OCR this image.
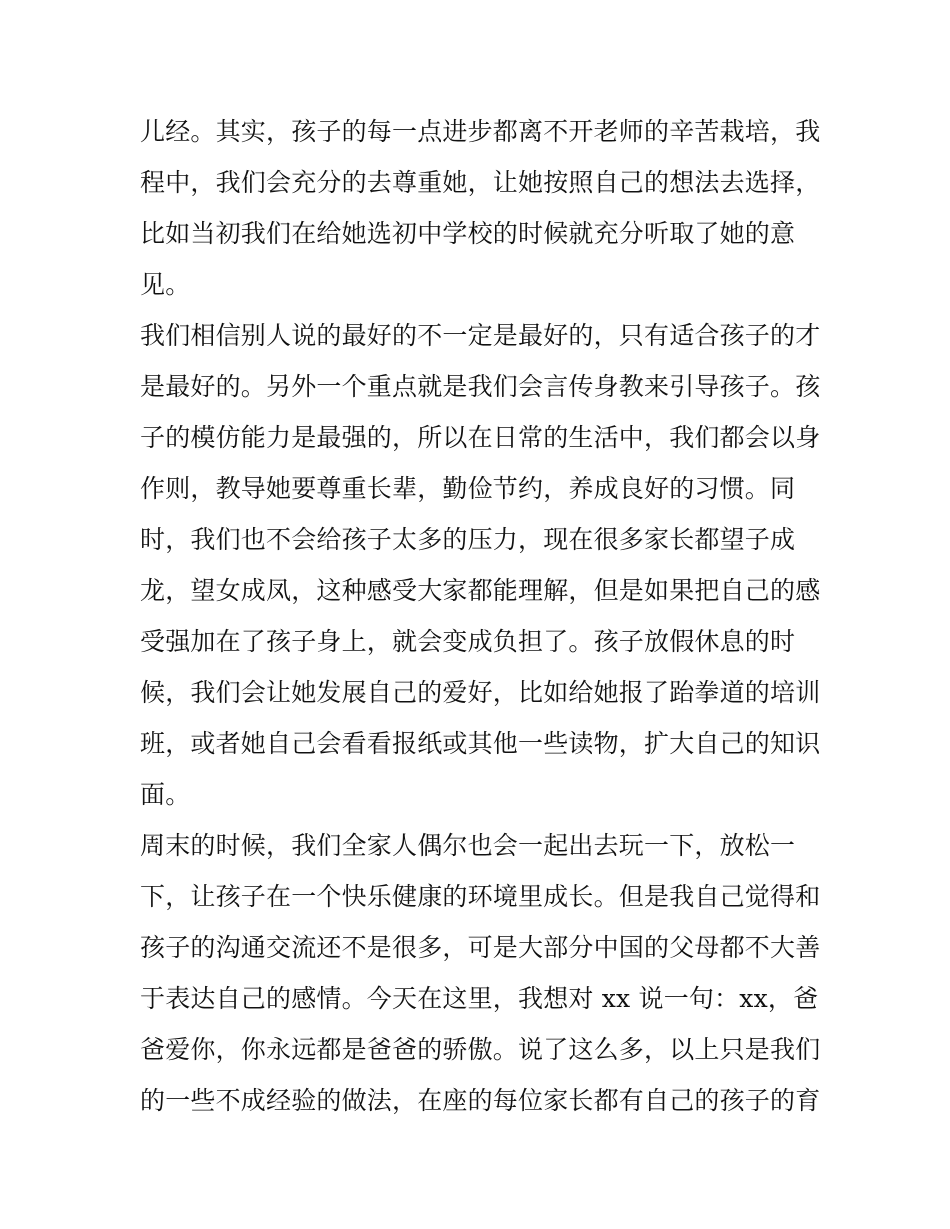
儿经。其实，孩子的每一点进步都离不开老师的辛苦栽培，我
程中，我们会充分的去尊重她，让她按照自己的想法去选择，
比如当初我们在给她选初中学校的时候就充分听取了她的意
见。
我们相信别人说的最好的不一定是最好的，只有适合孩子的才
是最好的。另外一个重点就是我们会言传身教来引导孩子。孩
子的模仿能力是最强的，所以在日常的生活中，我们都会以身
作则，教导她要尊重长辈，勤俭节约，养成良好的习惯。同
时，我们也不会给孩子太多的压力，现在很多家长都望子成
龙，望女成凤，这种感受大家都能理解，但是如果把自己的感
受强加在了孩子身上，就会变成负担了。孩子放假休息的时
候，我们会让她发展自己的爱好，比如给她报了跆拳道的培训
班，或者她自己会看看报纸或其他一些读物，扩大自己的知识
面。
周末的时候，我们全家人偶尔也会一起出去玩一下，放松一
下，让孩子在一个快乐健康的环境里成长。但是我自己觉得和
孩子的沟通交流还不是很多，可是大部分中国的父母都不大善
于表达自己的感情。今天在这里，我想对 xx 说一句：xx，爸
爸爱你，你永远都是爸爸的骄傲。说了这么多，以上只是我们
的一些不成经验的做法，在座的每位家长都有自己的孩子的育
